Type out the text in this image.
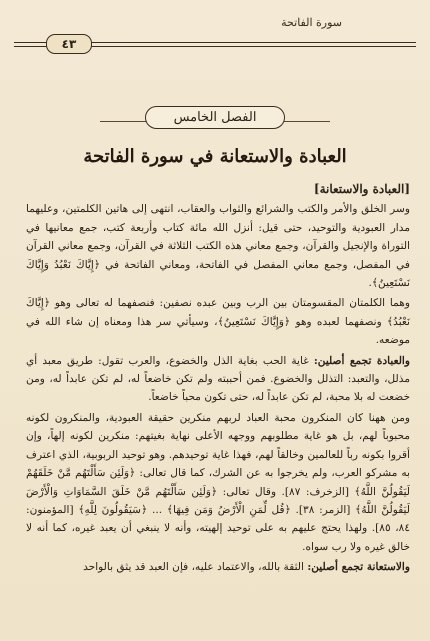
سورة الفاتحة
٤٣
الفصل الخامس
العبادة والاستعانة في سورة الفاتحة
[العبادة والاستعانة]

وسر الخلق والأمر والكتب والشرائع والثواب والعقاب، انتهى إلى هاتين الكلمتين، وعليهما مدار العبودية والتوحيد، حتى قيل: أنزل الله مائة كتاب وأربعة كتب، جمع معانيها في التوراة والإنجيل والقرآن، وجمع معاني هذه الكتب الثلاثة في القرآن، وجمع معاني القرآن في المفصل، وجمع معاني المفصل في الفاتحة، ومعاني الفاتحة في ﴿إِيَّاكَ نَعْبُدُ وَإِيَّاكَ نَسْتَعِينُ﴾.

وهما الكلمتان المقسومتان بين الرب وبين عبده نصفين: فنصفهما له تعالى وهو ﴿إِيَّاكَ نَعْبُدُ﴾ ونصفهما لعبده وهو ﴿وَإِيَّاكَ نَسْتَعِينُ﴾، وسيأتي سر هذا ومعناه إن شاء الله في موضعه.

والعبادة تجمع أصلين: غاية الحب بغاية الذل والخضوع، والعرب تقول: طريق معبد أي مذلل، والتعبد: التذلل والخضوع. فمن أحببته ولم تكن خاضعاً له، لم تكن عابداً له، ومن خضعت له بلا محبة، لم تكن عابداً له، حتى تكون محباً خاضعاً.

ومن ههنا كان المنكرون محبة العباد لربهم منكرين حقيقة العبودية، والمنكرون لكونه محبوباً لهم، بل هو غاية مطلوبهم ووجهه الأعلى نهاية بغيتهم: منكرين لكونه إلهاً، وإن أقروا بكونه رباً للعالمين وخالقاً لهم، فهذا غاية توحيدهم. وهو توحيد الربوبية، الذي اعترف به مشركو العرب، ولم يخرجوا به عن الشرك، كما قال تعالى: ﴿وَلَئِن سَأَلْتَهُم مَّنْ خَلَقَهُمْ لَيَقُولُنَّ اللَّهُ﴾ [الزخرف: ٨٧]. وقال تعالى: ﴿وَلَئِن سَأَلْتَهُم مَّنْ خَلَقَ السَّمَاوَاتِ وَالْأَرْضَ لَيَقُولُنَّ اللَّهُ﴾ [الزمر: ٣٨]. ﴿قُل لِّمَنِ الْأَرْضُ وَمَن فِيهَا﴾ ... ﴿سَيَقُولُونَ لِلَّهِ﴾ [المؤمنون: ٨٤، ٨٥]. ولهذا يحتج عليهم به على توحيد إلهيته، وأنه لا ينبغي أن يعبد غيره، كما أنه لا خالق غيره ولا رب سواه.

والاستعانة تجمع أصلين: الثقة بالله، والاعتماد عليه، فإن العبد قد يثق بالواحد
